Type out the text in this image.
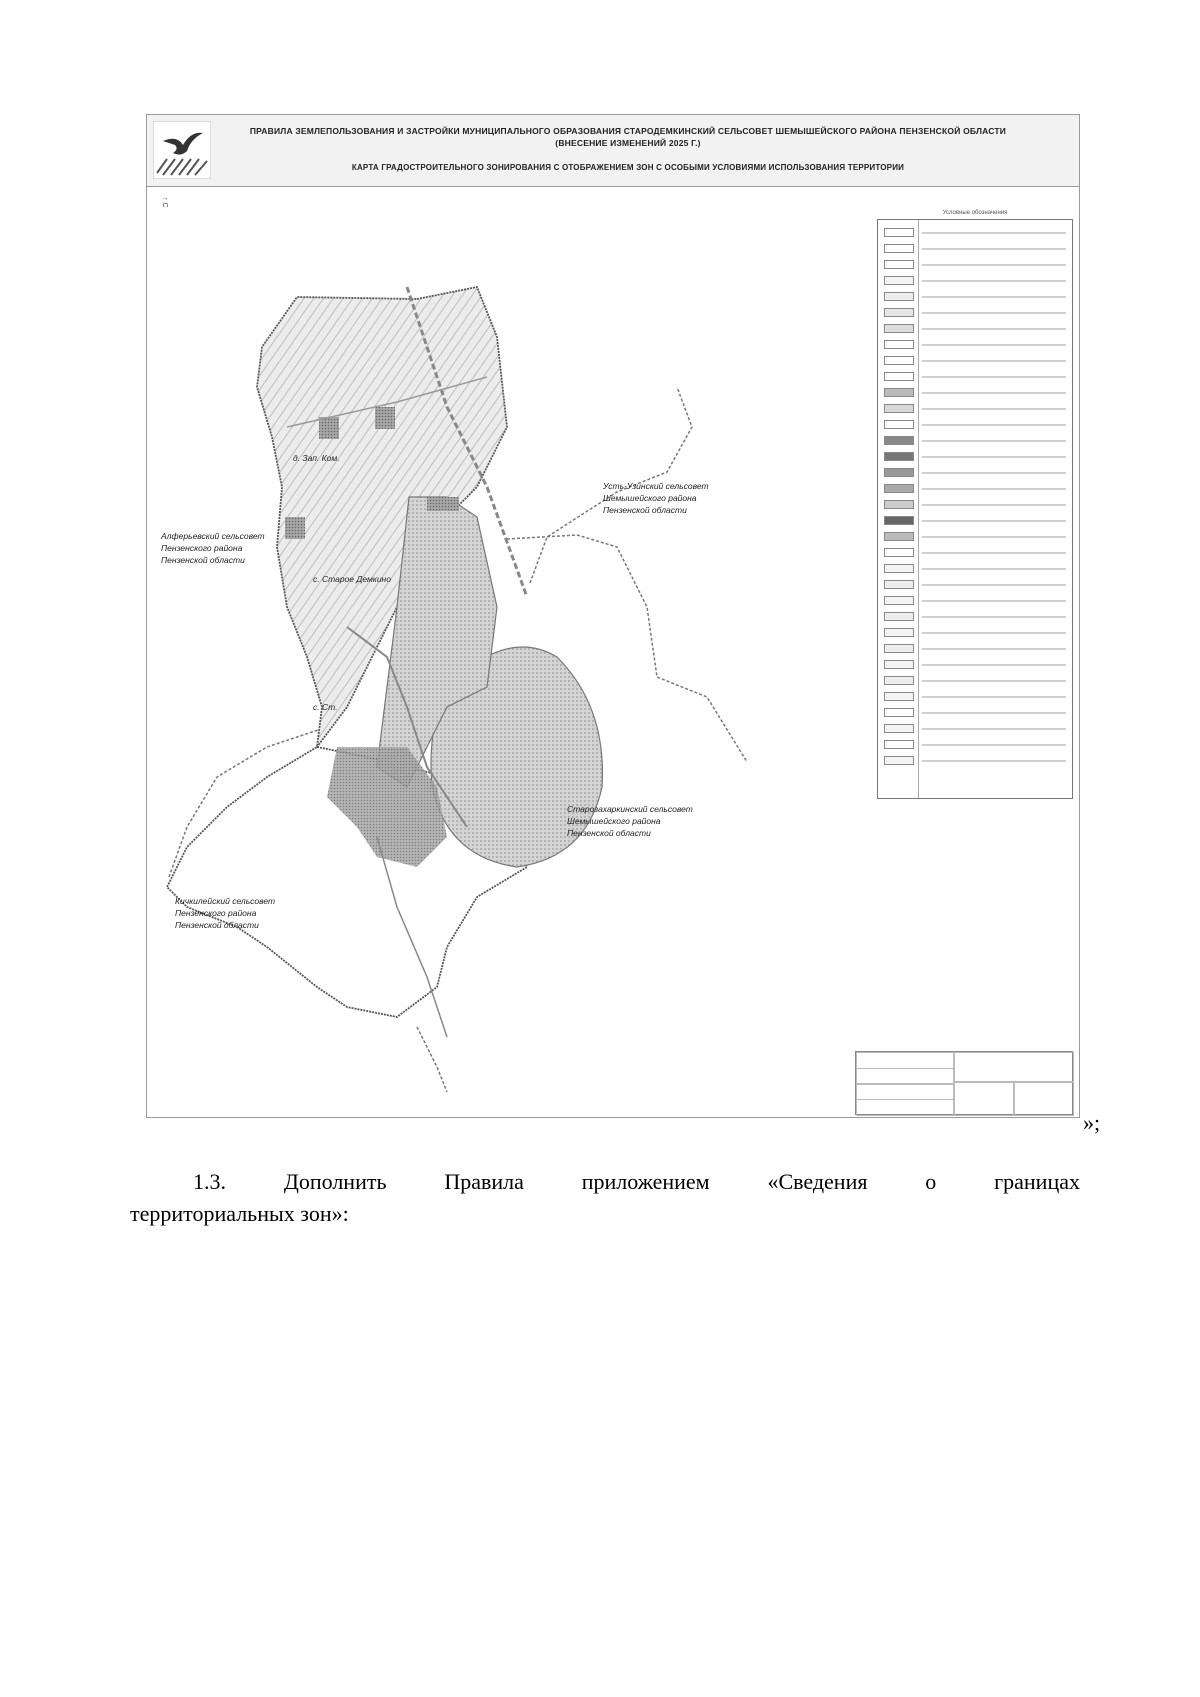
ПРАВИЛА ЗЕМЛЕПОЛЬЗОВАНИЯ И ЗАСТРОЙКИ МУНИЦИПАЛЬНОГО ОБРАЗОВАНИЯ СТАРОДЕМКИНСКИЙ СЕЛЬСОВЕТ ШЕМЫШЕЙСКОГО РАЙОНА ПЕНЗЕНСКОЙ ОБЛАСТИ (ВНЕСЕНИЕ ИЗМЕНЕНИЙ 2025 Г.)
КАРТА ГРАДОСТРОИТЕЛЬНОГО ЗОНИРОВАНИЯ С ОТОБРАЖЕНИЕМ ЗОН С ОСОБЫМИ УСЛОВИЯМИ ИСПОЛЬЗОВАНИЯ ТЕРРИТОРИИ
↑ С
д. Зап. Ком.
с. Старое Демкино
с. Ст.
Алферьевский сельсовет
Пензенского района
Пензенской области
Усть-Узинский сельсовет
Шемышейского района
Пензенской области
Старозахаркинский сельсовет
Шемышейского района
Пензенской области
Кичкилейский сельсовет
Пензенского района
Пензенской области
Условные обозначения
»;
1.3.	Дополнить	Правила	приложением	«Сведения	о	границах
территориальных зон»:
